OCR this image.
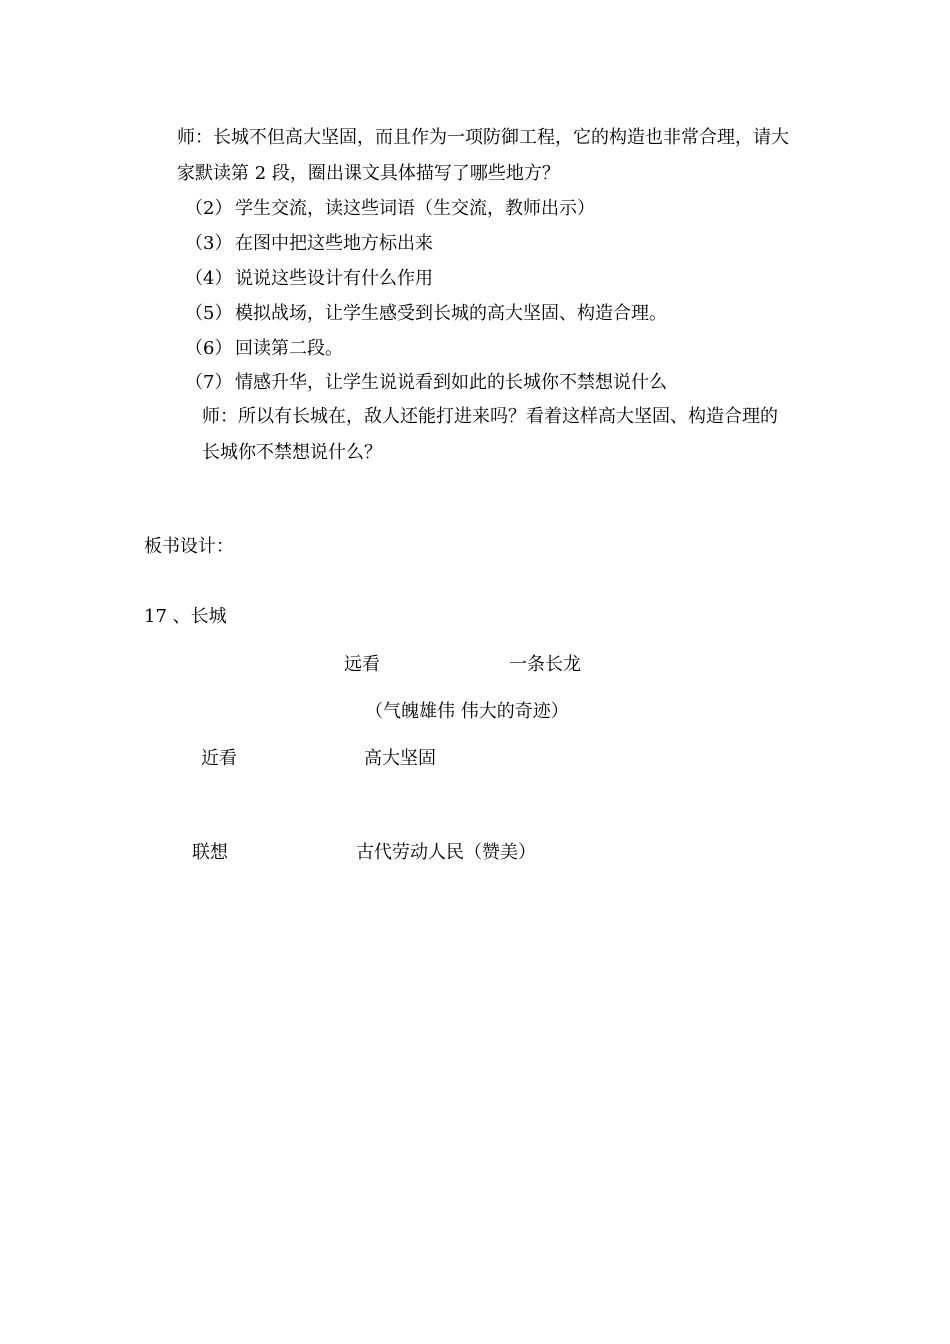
师：长城不但高大坚固，而且作为一项防御工程，它的构造也非常合理，请大
家默读第 2 段，圈出课文具体描写了哪些地方？
（2） 学生交流，读这些词语（生交流，教师出示）
（3） 在图中把这些地方标出来
（4） 说说这些设计有什么作用
（5） 模拟战场，让学生感受到长城的高大坚固、构造合理。
（6） 回读第二段。
（7） 情感升华，让学生说说看到如此的长城你不禁想说什么
师：所以有长城在，敌人还能打进来吗？看着这样高大坚固、构造合理的
长城你不禁想说什么？
板书设计：
17 、长城
远看	一条长龙
（气魄雄伟 伟大的奇迹）
近看	高大坚固
联想	古代劳动人民（赞美）
